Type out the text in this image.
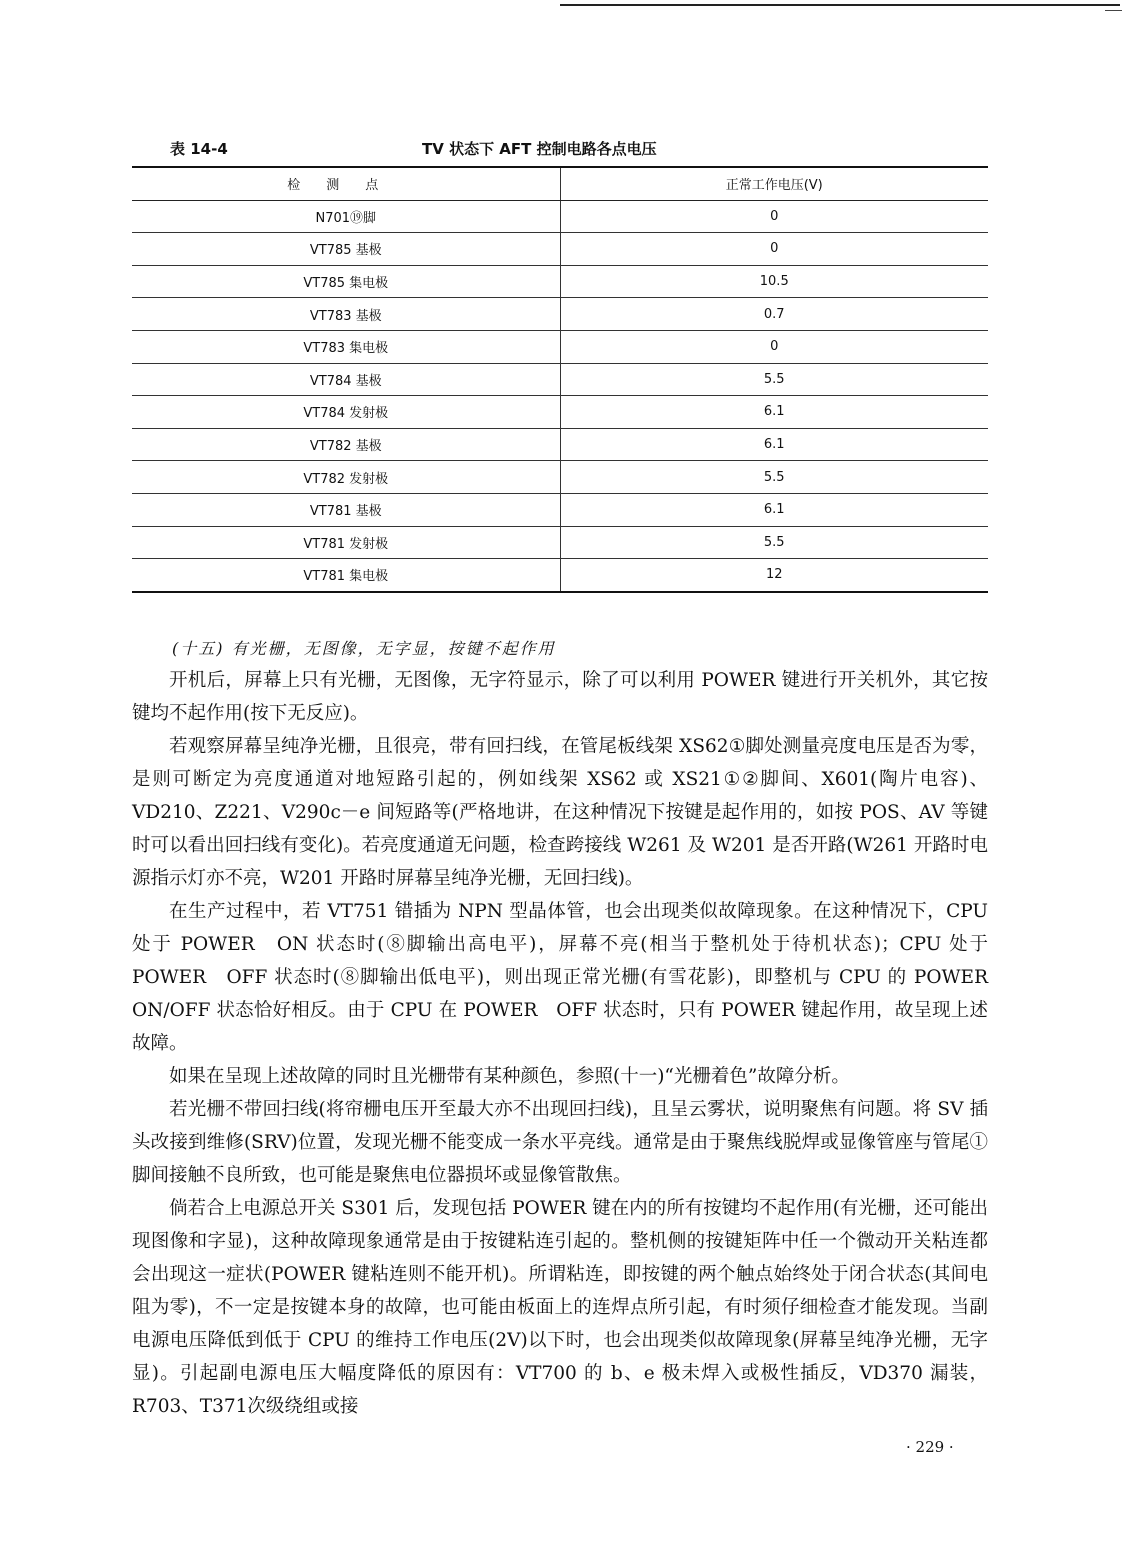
表 14-4	TV 状态下 AFT 控制电路各点电压
检测点	正常工作电压(V)
N701⑲脚	0
VT785 基极	0
VT785 集电极	10.5
VT783 基极	0.7
VT783 集电极	0
VT784 基极	5.5
VT784 发射极	6.1
VT782 基极	6.1
VT782 发射极	5.5
VT781 基极	6.1
VT781 发射极	5.5
VT781 集电极	12
(十五) 有光栅，无图像，无字显，按键不起作用

开机后，屏幕上只有光栅，无图像，无字符显示，除了可以利用 POWER 键进行开关机外，其它按键均不起作用(按下无反应)。

若观察屏幕呈纯净光栅，且很亮，带有回扫线，在管尾板线架 XS62①脚处测量亮度电压是否为零，是则可断定为亮度通道对地短路引起的，例如线架 XS62 或 XS21①②脚间、X601(陶片电容)、VD210、Z221、V290c－e 间短路等(严格地讲，在这种情况下按键是起作用的，如按 POS、AV 等键时可以看出回扫线有变化)。若亮度通道无问题，检查跨接线 W261 及 W201 是否开路(W261 开路时电源指示灯亦不亮，W201 开路时屏幕呈纯净光栅，无回扫线)。

在生产过程中，若 VT751 错插为 NPN 型晶体管，也会出现类似故障现象。在这种情况下，CPU 处于 POWER　ON 状态时(⑧脚输出高电平)，屏幕不亮(相当于整机处于待机状态)；CPU 处于 POWER　OFF 状态时(⑧脚输出低电平)，则出现正常光栅(有雪花影)，即整机与 CPU 的 POWER　ON/OFF 状态恰好相反。由于 CPU 在 POWER　OFF 状态时，只有 POWER 键起作用，故呈现上述故障。

如果在呈现上述故障的同时且光栅带有某种颜色，参照(十一)“光栅着色”故障分析。

若光栅不带回扫线(将帘栅电压开至最大亦不出现回扫线)，且呈云雾状，说明聚焦有问题。将 SV 插头改接到维修(SRV)位置，发现光栅不能变成一条水平亮线。通常是由于聚焦线脱焊或显像管座与管尾①脚间接触不良所致，也可能是聚焦电位器损坏或显像管散焦。

倘若合上电源总开关 S301 后，发现包括 POWER 键在内的所有按键均不起作用(有光栅，还可能出现图像和字显)，这种故障现象通常是由于按键粘连引起的。整机侧的按键矩阵中任一个微动开关粘连都会出现这一症状(POWER 键粘连则不能开机)。所谓粘连，即按键的两个触点始终处于闭合状态(其间电阻为零)，不一定是按键本身的故障，也可能由板面上的连焊点所引起，有时须仔细检查才能发现。当副电源电压降低到低于 CPU 的维持工作电压(2V)以下时，也会出现类似故障现象(屏幕呈纯净光栅，无字显)。引起副电源电压大幅度降低的原因有：VT700 的 b、e 极未焊入或极性插反，VD370 漏装，R703、T371次级绕组或接

· 229 ·
